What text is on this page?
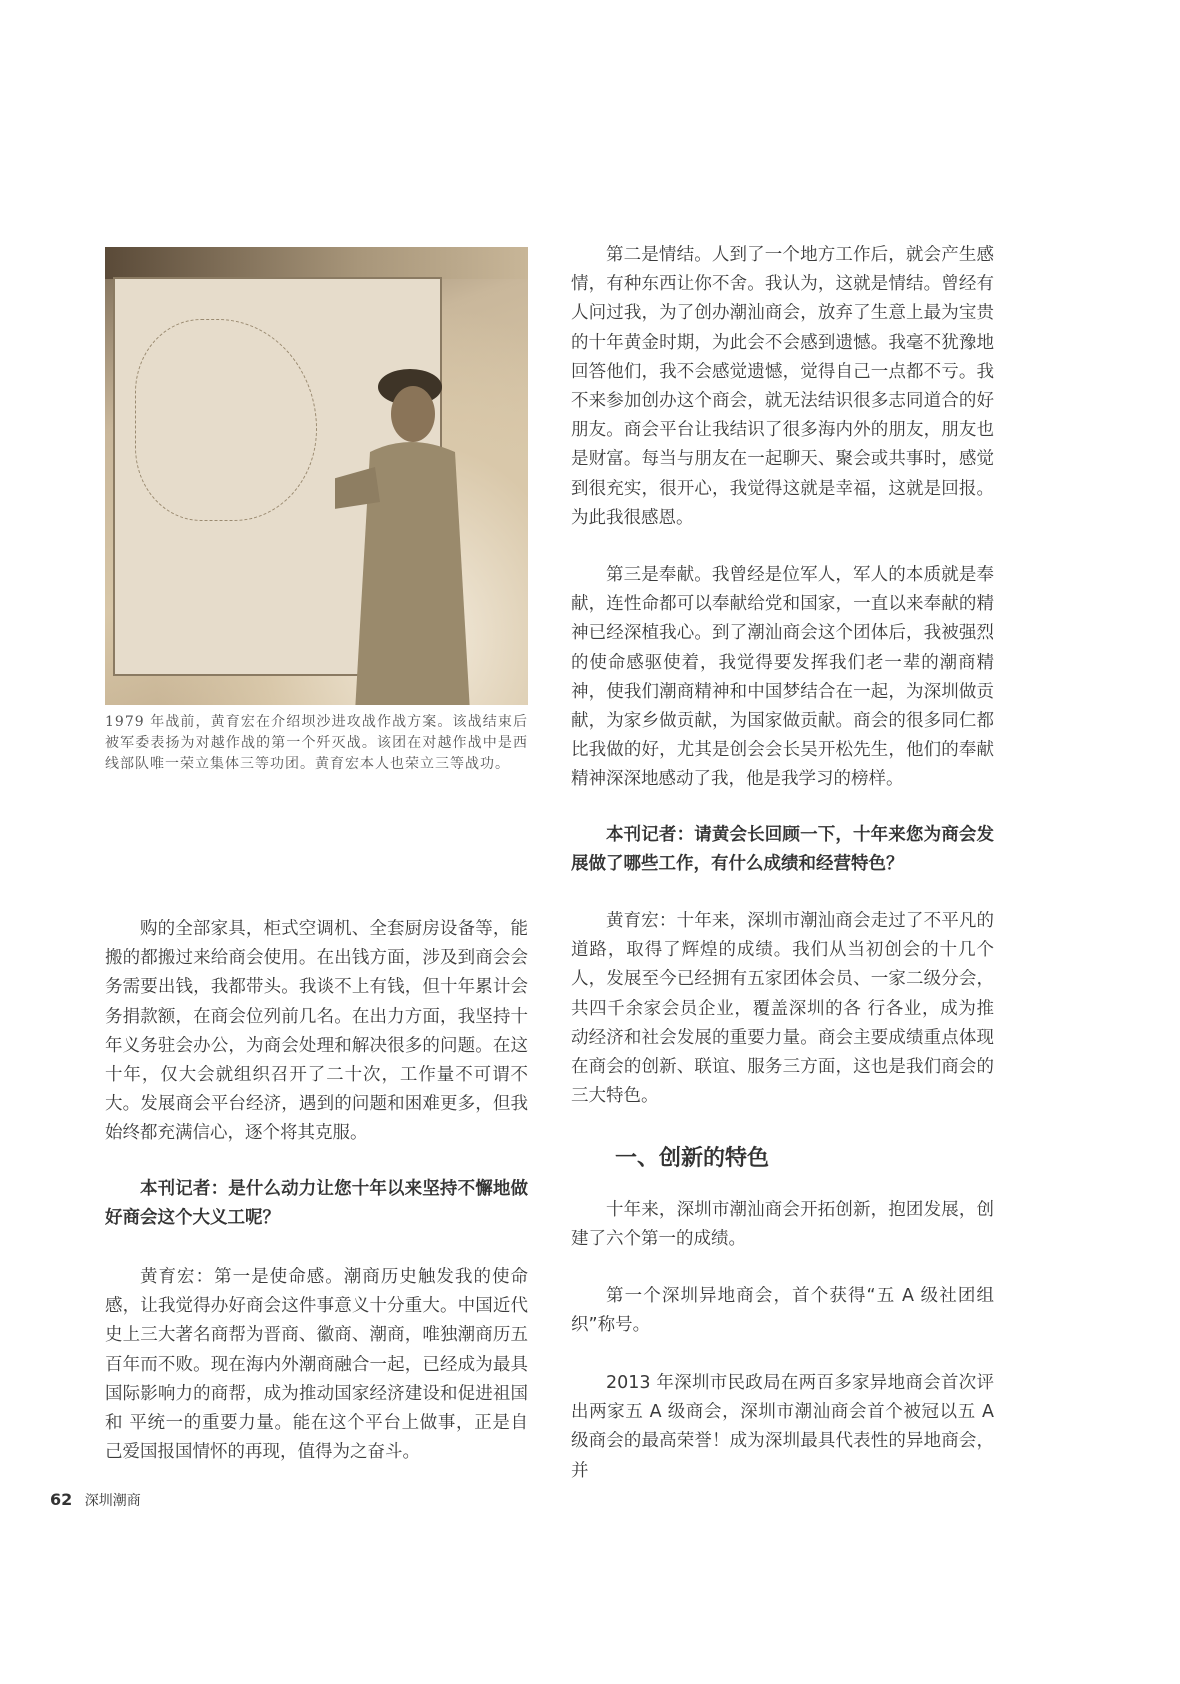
1979 年战前，黄育宏在介绍坝沙进攻战作战方案。该战结束后被军委表扬为对越作战的第一个歼灭战。该团在对越作战中是西线部队唯一荣立集体三等功团。黄育宏本人也荣立三等战功。

购的全部家具，柜式空调机、全套厨房设备等，能搬的都搬过来给商会使用。在出钱方面，涉及到商会会务需要出钱，我都带头。我谈不上有钱，但十年累计会务捐款额，在商会位列前几名。在出力方面，我坚持十年义务驻会办公，为商会处理和解决很多的问题。在这十年，仅大会就组织召开了二十次，工作量不可谓不大。发展商会平台经济，遇到的问题和困难更多，但我始终都充满信心，逐个将其克服。

本刊记者：是什么动力让您十年以来坚持不懈地做好商会这个大义工呢？

黄育宏：第一是使命感。潮商历史触发我的使命感，让我觉得办好商会这件事意义十分重大。中国近代史上三大著名商帮为晋商、徽商、潮商，唯独潮商历五百年而不败。现在海内外潮商融合一起，已经成为最具国际影响力的商帮，成为推动国家经济建设和促进祖国和 平统一的重要力量。能在这个平台上做事，正是自己爱国报国情怀的再现，值得为之奋斗。

第二是情结。人到了一个地方工作后，就会产生感情，有种东西让你不舍。我认为，这就是情结。曾经有人问过我，为了创办潮汕商会，放弃了生意上最为宝贵的十年黄金时期，为此会不会感到遗憾。我毫不犹豫地回答他们，我不会感觉遗憾，觉得自己一点都不亏。我不来参加创办这个商会，就无法结识很多志同道合的好朋友。商会平台让我结识了很多海内外的朋友，朋友也是财富。每当与朋友在一起聊天、聚会或共事时，感觉到很充实，很开心，我觉得这就是幸福，这就是回报。为此我很感恩。

第三是奉献。我曾经是位军人，军人的本质就是奉献，连性命都可以奉献给党和国家，一直以来奉献的精神已经深植我心。到了潮汕商会这个团体后，我被强烈的使命感驱使着，我觉得要发挥我们老一辈的潮商精神，使我们潮商精神和中国梦结合在一起，为深圳做贡献，为家乡做贡献，为国家做贡献。商会的很多同仁都比我做的好，尤其是创会会长吴开松先生，他们的奉献精神深深地感动了我，他是我学习的榜样。

本刊记者：请黄会长回顾一下，十年来您为商会发展做了哪些工作，有什么成绩和经营特色？

黄育宏：十年来，深圳市潮汕商会走过了不平凡的道路，取得了辉煌的成绩。我们从当初创会的十几个人，发展至今已经拥有五家团体会员、一家二级分会，共四千余家会员企业，覆盖深圳的各 行各业，成为推动经济和社会发展的重要力量。商会主要成绩重点体现在商会的创新、联谊、服务三方面，这也是我们商会的三大特色。

一、创新的特色

十年来，深圳市潮汕商会开拓创新，抱团发展，创建了六个第一的成绩。

第一个深圳异地商会，首个获得“五 A 级社团组织”称号。

2013 年深圳市民政局在两百多家异地商会首次评出两家五 A 级商会，深圳市潮汕商会首个被冠以五 A 级商会的最高荣誉！成为深圳最具代表性的异地商会，并

62 深圳潮商
